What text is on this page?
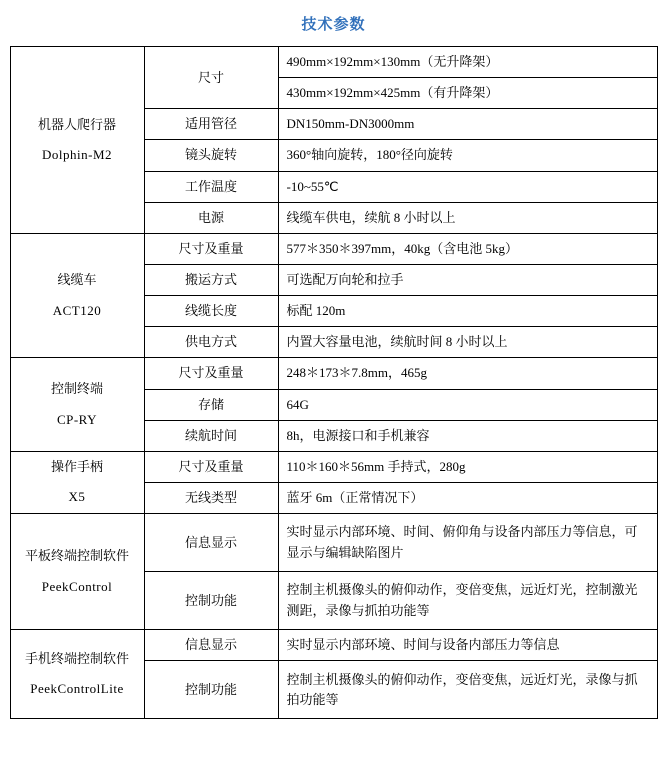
技术参数
机器人爬行器
Dolphin-M2	尺寸	490mm×192mm×130mm（无升降架）
		430mm×192mm×425mm（有升降架）
	适用管径	DN150mm-DN3000mm
	镜头旋转	360°轴向旋转，180°径向旋转
	工作温度	-10~55℃
	电源	线缆车供电，续航 8 小时以上

线缆车
ACT120	尺寸及重量	577＊350＊397mm，40kg（含电池 5kg）
	搬运方式	可选配万向轮和拉手
	线缆长度	标配 120m
	供电方式	内置大容量电池，续航时间 8 小时以上

控制终端
CP-RY	尺寸及重量	248＊173＊7.8mm，465g
	存储	64G
	续航时间	8h，电源接口和手机兼容

操作手柄
X5	尺寸及重量	110＊160＊56mm 手持式，280g
	无线类型	蓝牙 6m（正常情况下）

平板终端控制软件
PeekControl	信息显示	实时显示内部环境、时间、俯仰角与设备内部压力等信息，可显示与编辑缺陷图片
	控制功能	控制主机摄像头的俯仰动作，变倍变焦，远近灯光，控制激光测距，录像与抓拍功能等

手机终端控制软件
PeekControlLite	信息显示	实时显示内部环境、时间与设备内部压力等信息
	控制功能	控制主机摄像头的俯仰动作，变倍变焦，远近灯光，录像与抓拍功能等
